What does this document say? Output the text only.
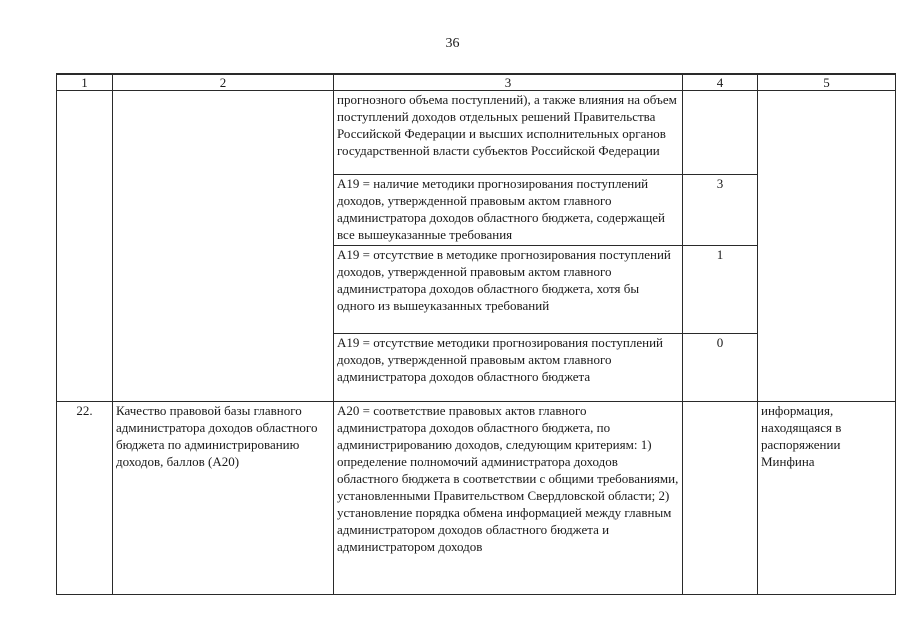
36
1	2	3	4	5
		прогнозного объема поступлений), а также влияния на объем поступлений доходов отдельных решений Правительства Российской Федерации и высших исполнительных органов государственной власти субъектов Российской Федерации		
		A19 = наличие методики прогнозирования поступлений доходов, утвержденной правовым актом главного администратора доходов областного бюджета, содержащей все вышеуказанные требования	3	
		A19 = отсутствие в методике прогнозирования поступлений доходов, утвержденной правовым актом главного администратора доходов областного бюджета, хотя бы одного из вышеуказанных требований	1	
		A19 = отсутствие методики прогнозирования поступлений доходов, утвержденной правовым актом главного администратора доходов областного бюджета	0	
22.	Качество правовой базы главного администратора доходов областного бюджета по администрированию доходов, баллов (A20)	A20 = соответствие правовых актов главного администратора доходов областного бюджета, по администрированию доходов, следующим критериям: 1) определение полномочий администратора доходов областного бюджета в соответствии с общими требованиями, установленными Правительством Свердловской области; 2) установление порядка обмена информацией между главным администратором доходов областного бюджета и администратором доходов		информация, находящаяся в распоряжении Минфина
